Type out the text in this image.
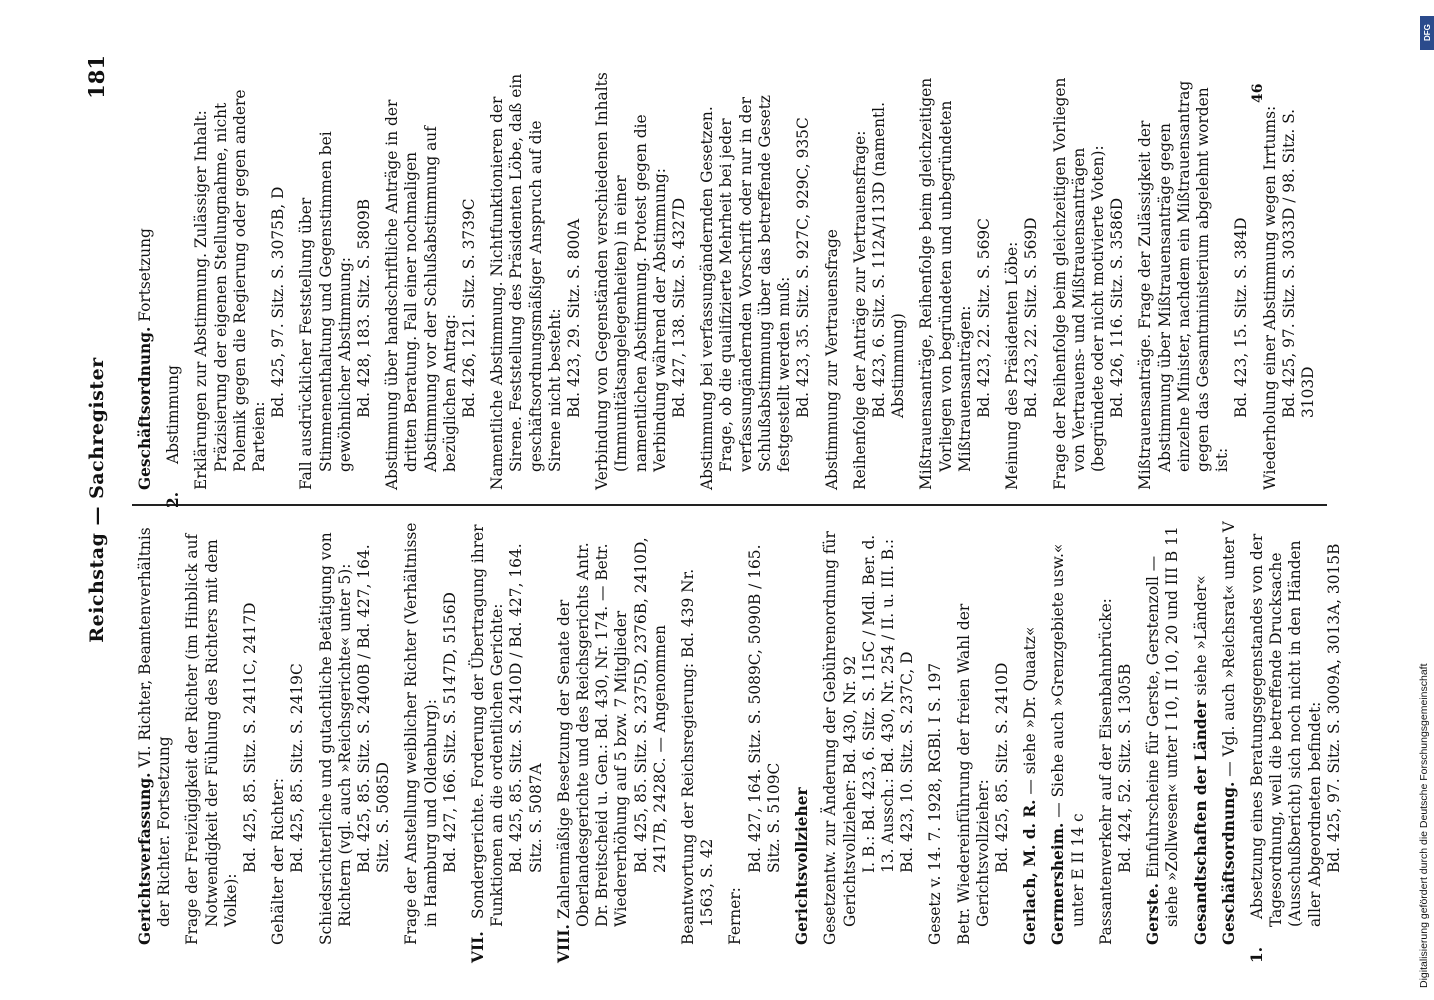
Reichstag — Sachregister
181
Gerichtsverfassung. VI. Richter, Beamtenverhältnis der Richter. Fortsetzung Frage der Freizügigkeit der Richter (im Hinblick auf Notwendigkeit der Fühlung des Richters mit dem Volke):
Bd. 425, 85. Sitz. S. 2411C, 2417D Gehälter der Richter: Bd. 425, 85. Sitz. S. 2419C Schiedsrichterliche und gutachtliche Betätigung von Richtern (vgl. auch »Reichsgerichte« unter 5): Bd. 425, 85. Sitz. S. 2400B / Bd. 427, 164. Sitz. S. 5085D Frage der Anstellung weiblicher Richter (Verhältnisse in Hamburg und Oldenburg): Bd. 427, 166. Sitz. S. 5147D, 5156D
VII.Sondergerichte. Forderung der Übertragung ihrer Funktionen an die ordentlichen Gerichte: Bd. 425, 85. Sitz. S. 2410D / Bd. 427, 164. Sitz. S. 5087A
VIII.Zahlenmäßige Besetzung der Senate der Oberlandesgerichte und des Reichsgerichts Antr. Dr. Breitscheid u. Gen.: Bd. 430, Nr. 174. — Betr. Wiedererhöhung auf 5 bzw. 7 Mitglieder Bd. 425, 85. Sitz. S. 2375D, 2376B, 2410D, 2417B, 2428C. — Angenommen Beantwortung der Reichsregierung: Bd. 439 Nr. 1563, S. 42 Ferner:
Bd. 427, 164. Sitz. S. 5089C, 5090B / 165. Sitz. S. 5109C Gerichtsvollzieher Gesetzentw. zur Änderung der Gebührenordnung für Gerichtsvollzieher: Bd. 430, Nr. 92 I. B.: Bd. 423, 6. Sitz. S. 115C / Mdl. Ber. d. 13. Aussch.: Bd. 430, Nr. 254 / II. u. III. B.: Bd. 423, 10. Sitz. S. 237C, D Gesetz v. 14. 7. 1928, RGBl. I S. 197 Betr. Wiedereinführung der freien Wahl der Gerichtsvollzieher: Bd. 425, 85. Sitz. S. 2410D Gerlach, M. d. R. — siehe »Dr. Quaatz«
Germersheim. — Siehe auch »Grenzgebiete usw.« unter E II 14 c Passantenverkehr auf der Eisenbahnbrücke: Bd. 424, 52. Sitz. S. 1305B
Gerste. Einfuhrscheine für Gerste, Gerstenzoll — siehe »Zollwesen« unter I 10, II 10, 20 und III B 11 Gesandtschaften der Länder siehe »Länder«
Geschäftsordnung. — Vgl. auch »Reichsrat« unter V
1.Absetzung eines Beratungsgegenstandes von der Tagesordnung, weil die betreffende Drucksache (Ausschußbericht) sich noch nicht in den Händen aller Abgeordneten befindet: Bd. 425, 97. Sitz. S. 3009A, 3013A, 3015B
Geschäftsordnung. Fortsetzung
2.Abstimmung Erklärungen zur Abstimmung. Zulässiger Inhalt: Präzisierung der eigenen Stellungnahme, nicht Polemik gegen die Regierung oder gegen andere Parteien:
Bd. 425, 97. Sitz. S. 3075B, D Fall ausdrücklicher Feststellung über Stimmenenthaltung und Gegenstimmen bei gewöhnlicher Abstimmung: Bd. 428, 183. Sitz. S. 5809B Abstimmung über handschriftliche Anträge in der dritten Beratung. Fall einer nochmaligen Abstimmung vor der Schlußabstimmung auf bezüglichen Antrag: Bd. 426, 121. Sitz. S. 3739C Namentliche Abstimmung. Nichtfunktionieren der Sirene. Feststellung des Präsidenten Löbe, daß ein geschäftsordnungsmäßiger Anspruch auf die Sirene nicht besteht: Bd. 423, 29. Sitz. S. 800A Verbindung von Gegenständen verschiedenen Inhalts (Immunitätsangelegenheiten) in einer namentlichen Abstimmung. Protest gegen die Verbindung während der Abstimmung: Bd. 427, 138. Sitz. S. 4327D Abstimmung bei verfassungändernden Gesetzen. Frage, ob die qualifizierte Mehrheit bei jeder verfassungändernden Vorschrift oder nur in der Schlußabstimmung über das betreffende Gesetz festgestellt werden muß: Bd. 423, 35. Sitz. S. 927C, 929C, 935C Abstimmung zur Vertrauensfrage Reihenfolge der Anträge zur Vertrauensfrage: Bd. 423, 6. Sitz. S. 112A/113D (namentl. Abstimmung) Mißtrauensanträge, Reihenfolge beim gleichzeitigen Vorliegen von begründeten und unbegründeten Mißtrauensanträgen: Bd. 423, 22. Sitz. S. 569C Meinung des Präsidenten Löbe: Bd. 423, 22. Sitz. S. 569D Frage der Reihenfolge beim gleichzeitigen Vorliegen von Vertrauens- und Mißtrauensanträgen (begründete oder nicht motivierte Voten): Bd. 426, 116. Sitz. S. 3586D Mißtrauensanträge. Frage der Zulässigkeit der Abstimmung über Mißtrauensanträge gegen einzelne Minister, nachdem ein Mißtrauensantrag gegen das Gesamtministerium abgelehnt worden ist:
Bd. 423, 15. Sitz. S. 384D Wiederholung einer Abstimmung wegen Irrtums: Bd. 425, 97. Sitz. S. 3033D / 98. Sitz. S. 3103D
46
DFG
Digitalisierung gefördert durch die Deutsche Forschungsgemeinschaft
